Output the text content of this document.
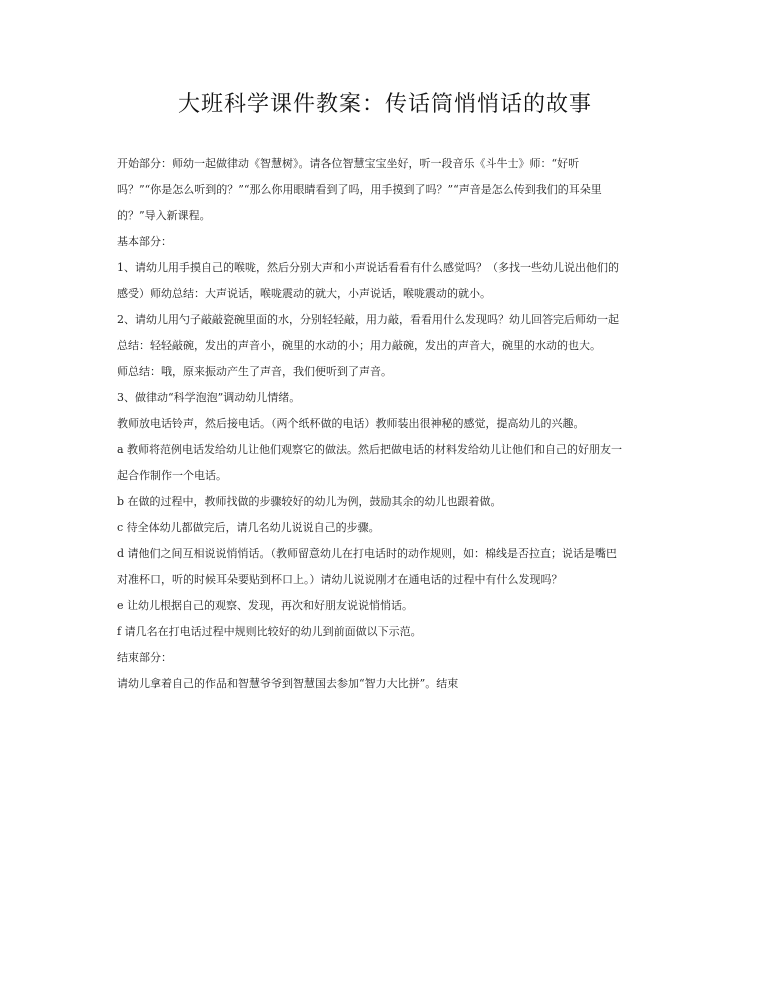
大班科学课件教案：传话筒悄悄话的故事
开始部分：师幼一起做律动《智慧树》。请各位智慧宝宝坐好，听一段音乐《斗牛士》师：“好听
吗？”“你是怎么听到的？”“那么你用眼睛看到了吗，用手摸到了吗？”“声音是怎么传到我们的耳朵里
的？”导入新课程。
基本部分：
1、请幼儿用手摸自己的喉咙，然后分别大声和小声说话看看有什么感觉吗？（多找一些幼儿说出他们的
感受）师幼总结：大声说话，喉咙震动的就大，小声说话，喉咙震动的就小。
2、请幼儿用勺子敲敲瓷碗里面的水，分别轻轻敲，用力敲，看看用什么发现吗？幼儿回答完后师幼一起
总结：轻轻敲碗，发出的声音小，碗里的水动的小；用力敲碗，发出的声音大，碗里的水动的也大。
师总结：哦，原来振动产生了声音，我们便听到了声音。
3、做律动“科学泡泡”调动幼儿情绪。
教师放电话铃声，然后接电话。（两个纸杯做的电话）教师装出很神秘的感觉，提高幼儿的兴趣。
a 教师将范例电话发给幼儿让他们观察它的做法。然后把做电话的材料发给幼儿让他们和自己的好朋友一
起合作制作一个电话。
b 在做的过程中，教师找做的步骤较好的幼儿为例，鼓励其余的幼儿也跟着做。
c 待全体幼儿都做完后，请几名幼儿说说自己的步骤。
d 请他们之间互相说说悄悄话。（教师留意幼儿在打电话时的动作规则，如：棉线是否拉直；说话是嘴巴
对准杯口，听的时候耳朵要贴到杯口上。）请幼儿说说刚才在通电话的过程中有什么发现吗？
e 让幼儿根据自己的观察、发现，再次和好朋友说说悄悄话。
f 请几名在打电话过程中规则比较好的幼儿到前面做以下示范。
结束部分：
请幼儿拿着自己的作品和智慧爷爷到智慧国去参加“智力大比拼”。结束
